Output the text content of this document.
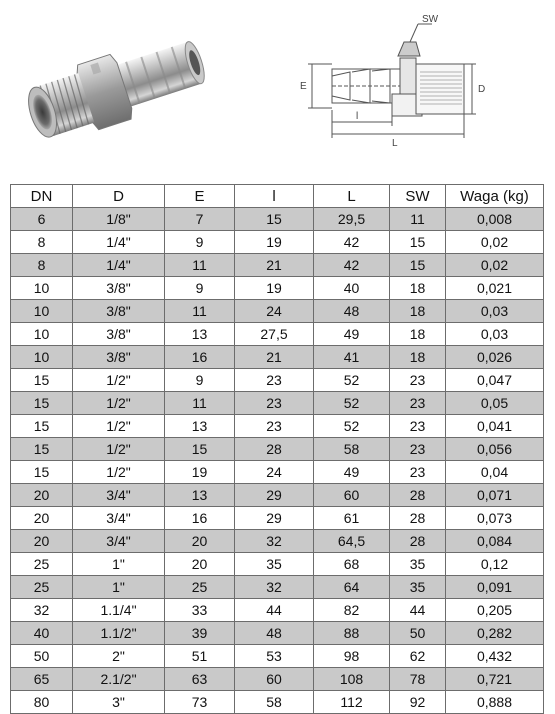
SW
E	D
l
L
DN	D	E	l	L	SW	Waga (kg)
6	1/8"	7	15	29,5	11	0,008
8	1/4"	9	19	42	15	0,02
8	1/4"	11	21	42	15	0,02
10	3/8"	9	19	40	18	0,021
10	3/8"	11	24	48	18	0,03
10	3/8"	13	27,5	49	18	0,03
10	3/8"	16	21	41	18	0,026
15	1/2"	9	23	52	23	0,047
15	1/2"	11	23	52	23	0,05
15	1/2"	13	23	52	23	0,041
15	1/2"	15	28	58	23	0,056
15	1/2"	19	24	49	23	0,04
20	3/4"	13	29	60	28	0,071
20	3/4"	16	29	61	28	0,073
20	3/4"	20	32	64,5	28	0,084
25	1"	20	35	68	35	0,12
25	1"	25	32	64	35	0,091
32	1.1/4"	33	44	82	44	0,205
40	1.1/2"	39	48	88	50	0,282
50	2"	51	53	98	62	0,432
65	2.1/2"	63	60	108	78	0,721
80	3"	73	58	112	92	0,888
